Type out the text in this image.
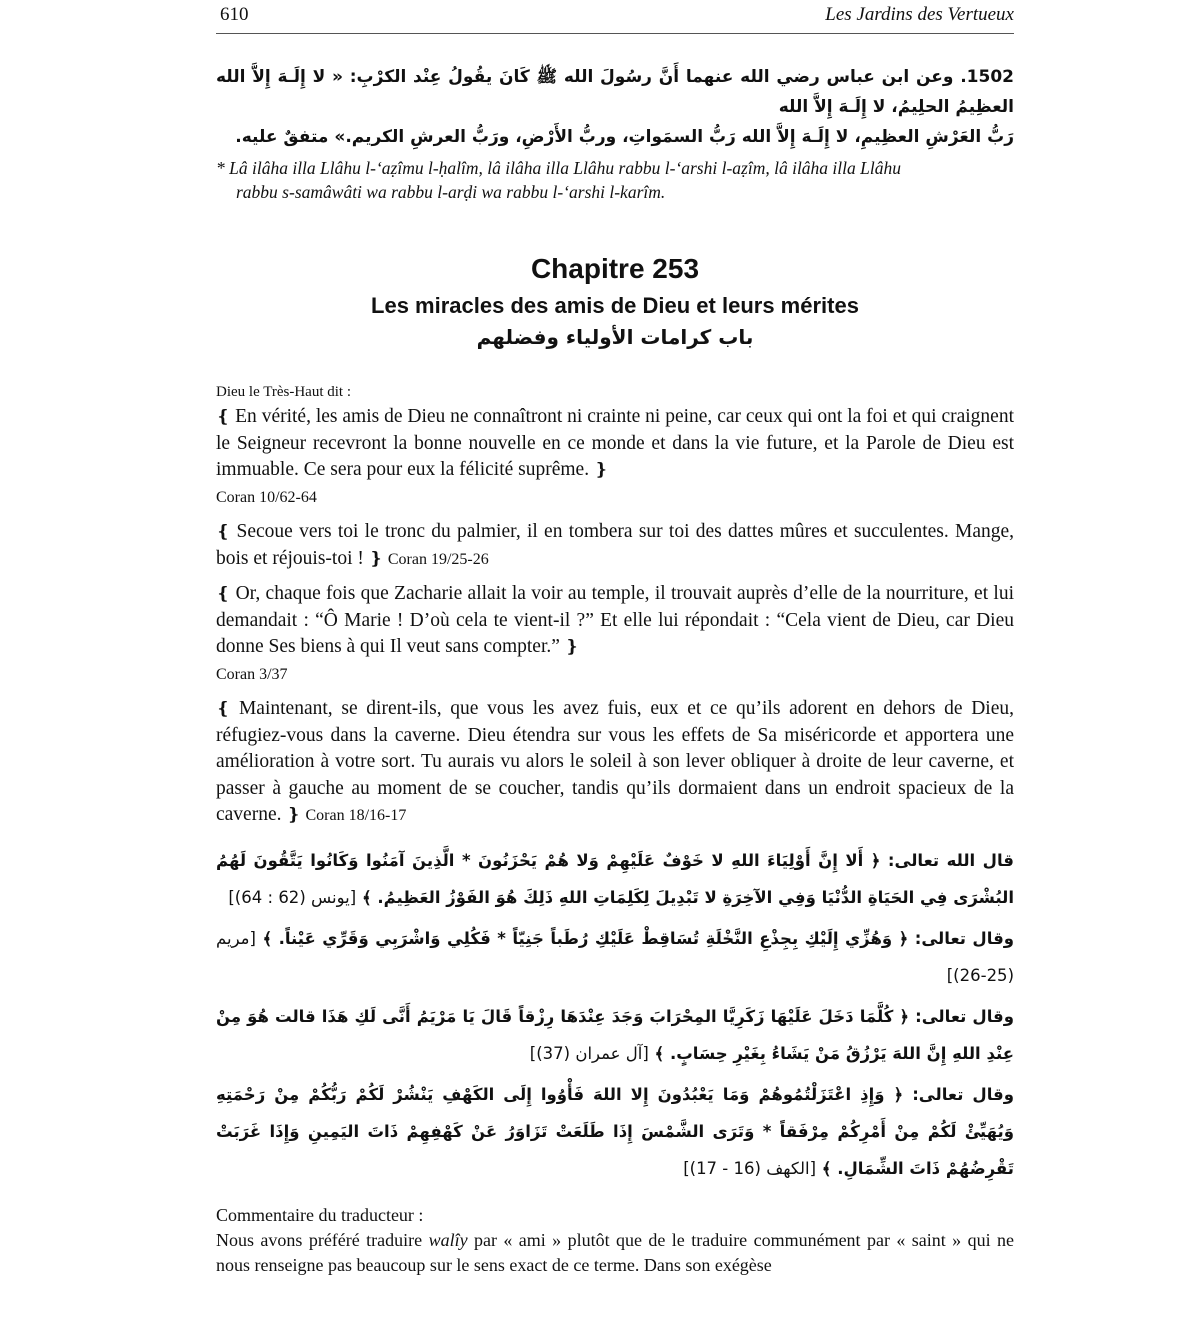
610	Les Jardins des Vertueux
1502. وعن ابن عباس رضي الله عنهما أَنَّ رسُولَ الله ﷺ كَانَ يقُولُ عِنْد الكرْبِ: « لا إِلَـهَ إِلاَّ الله العظِيمُ الحلِيمُ، لا إِلَـهَ إِلاَّ الله
رَبُّ العَرْشِ العظِيمِ، لا إِلَـهَ إِلاَّ الله رَبُّ السمَواتِ، وربُّ الأَرْضِ، ورَبُّ العرشِ الكريم.» متفقٌ عليه.
* Lâ ilâha illa Llâhu l-‘aẓîmu l-ḥalîm, lâ ilâha illa Llâhu rabbu l-‘arshi l-aẓîm, lâ ilâha illa Llâhu
rabbu s-samâwâti wa rabbu l-arḍi wa rabbu l-‘arshi l-karîm.
Chapitre 253
Les miracles des amis de Dieu et leurs mérites
باب كرامات الأولياء وفضلهم
Dieu le Très-Haut dit :
❴ En vérité, les amis de Dieu ne connaîtront ni crainte ni peine, car ceux qui ont la foi et qui craignent le Seigneur recevront la bonne nouvelle en ce monde et dans la vie future, et la Parole de Dieu est immuable. Ce sera pour eux la félicité suprême. ❵
Coran 10/62-64
❴ Secoue vers toi le tronc du palmier, il en tombera sur toi des dattes mûres et succulentes. Mange, bois et réjouis-toi ! ❵ Coran 19/25-26
❴ Or, chaque fois que Zacharie allait la voir au temple, il trouvait auprès d’elle de la nourriture, et lui demandait : “Ô Marie ! D’où cela te vient-il ?” Et elle lui répondait : “Cela vient de Dieu, car Dieu donne Ses biens à qui Il veut sans compter.” ❵
Coran 3/37
❴ Maintenant, se dirent-ils, que vous les avez fuis, eux et ce qu’ils adorent en dehors de Dieu, réfugiez-vous dans la caverne. Dieu étendra sur vous les effets de Sa miséricorde et apportera une amélioration à votre sort. Tu aurais vu alors le soleil à son lever obliquer à droite de leur caverne, et passer à gauche au moment de se coucher, tandis qu’ils dormaient dans un endroit spacieux de la caverne. ❵ Coran 18/16-17
قال الله تعالى: ﴿ أَلا إِنَّ أَوْلِيَاءَ اللهِ لا خَوْفٌ عَلَيْهِمْ وَلا هُمْ يَحْزَنُونَ * الَّذِينَ آمَنُوا وَكَانُوا يَتَّقُونَ لَهُمُ البُشْرَى فِي الحَيَاةِ الدُّنْيَا وَفِي الآخِرَةِ لا تَبْدِيلَ لِكَلِمَاتِ اللهِ ذَلِكَ هُوَ الفَوْزُ العَظِيمُ. ﴾ [يونس (62 : 64)]
وقال تعالى: ﴿ وَهُزِّي إِلَيْكِ بِجِذْعِ النَّخْلَةِ تُسَاقِطْ عَلَيْكِ رُطَباً جَنِيّاً * فَكُلِي وَاشْرَبِي وَقَرِّي عَيْناً. ﴾ [مريم (25-26)]
وقال تعالى: ﴿ كُلَّمَا دَخَلَ عَلَيْهَا زَكَرِيَّا المِحْرَابَ وَجَدَ عِنْدَهَا رِزْقاً قَالَ يَا مَرْيَمُ أَنَّى لَكِ هَذَا قالت هُوَ مِنْ عِنْدِ اللهِ إِنَّ اللهَ يَرْزُقُ مَنْ يَشَاءُ بِغَيْرِ حِسَابٍ. ﴾ [آل عمران (37)]
وقال تعالى: ﴿ وَإِذِ اعْتَزَلْتُمُوهُمْ وَمَا يَعْبُدُونَ إِلا اللهَ فَأْوُوا إِلَى الكَهْفِ يَنْشُرْ لَكُمْ رَبُّكُمْ مِنْ رَحْمَتِهِ وَيُهَيِّئْ لَكُمْ مِنْ أَمْرِكُمْ مِرْفَقاً * وَتَرَى الشَّمْسَ إِذَا طَلَعَتْ تَزَاوَرُ عَنْ كَهْفِهِمْ ذَاتَ اليَمِينِ وَإِذَا غَرَبَتْ تَقْرِضُهُمْ ذَاتَ الشِّمَالِ. ﴾ [الكهف (16 - 17)]
Commentaire du traducteur :
Nous avons préféré traduire walîy par « ami » plutôt que de le traduire communément par « saint » qui ne nous renseigne pas beaucoup sur le sens exact de ce terme. Dans son exégèse
